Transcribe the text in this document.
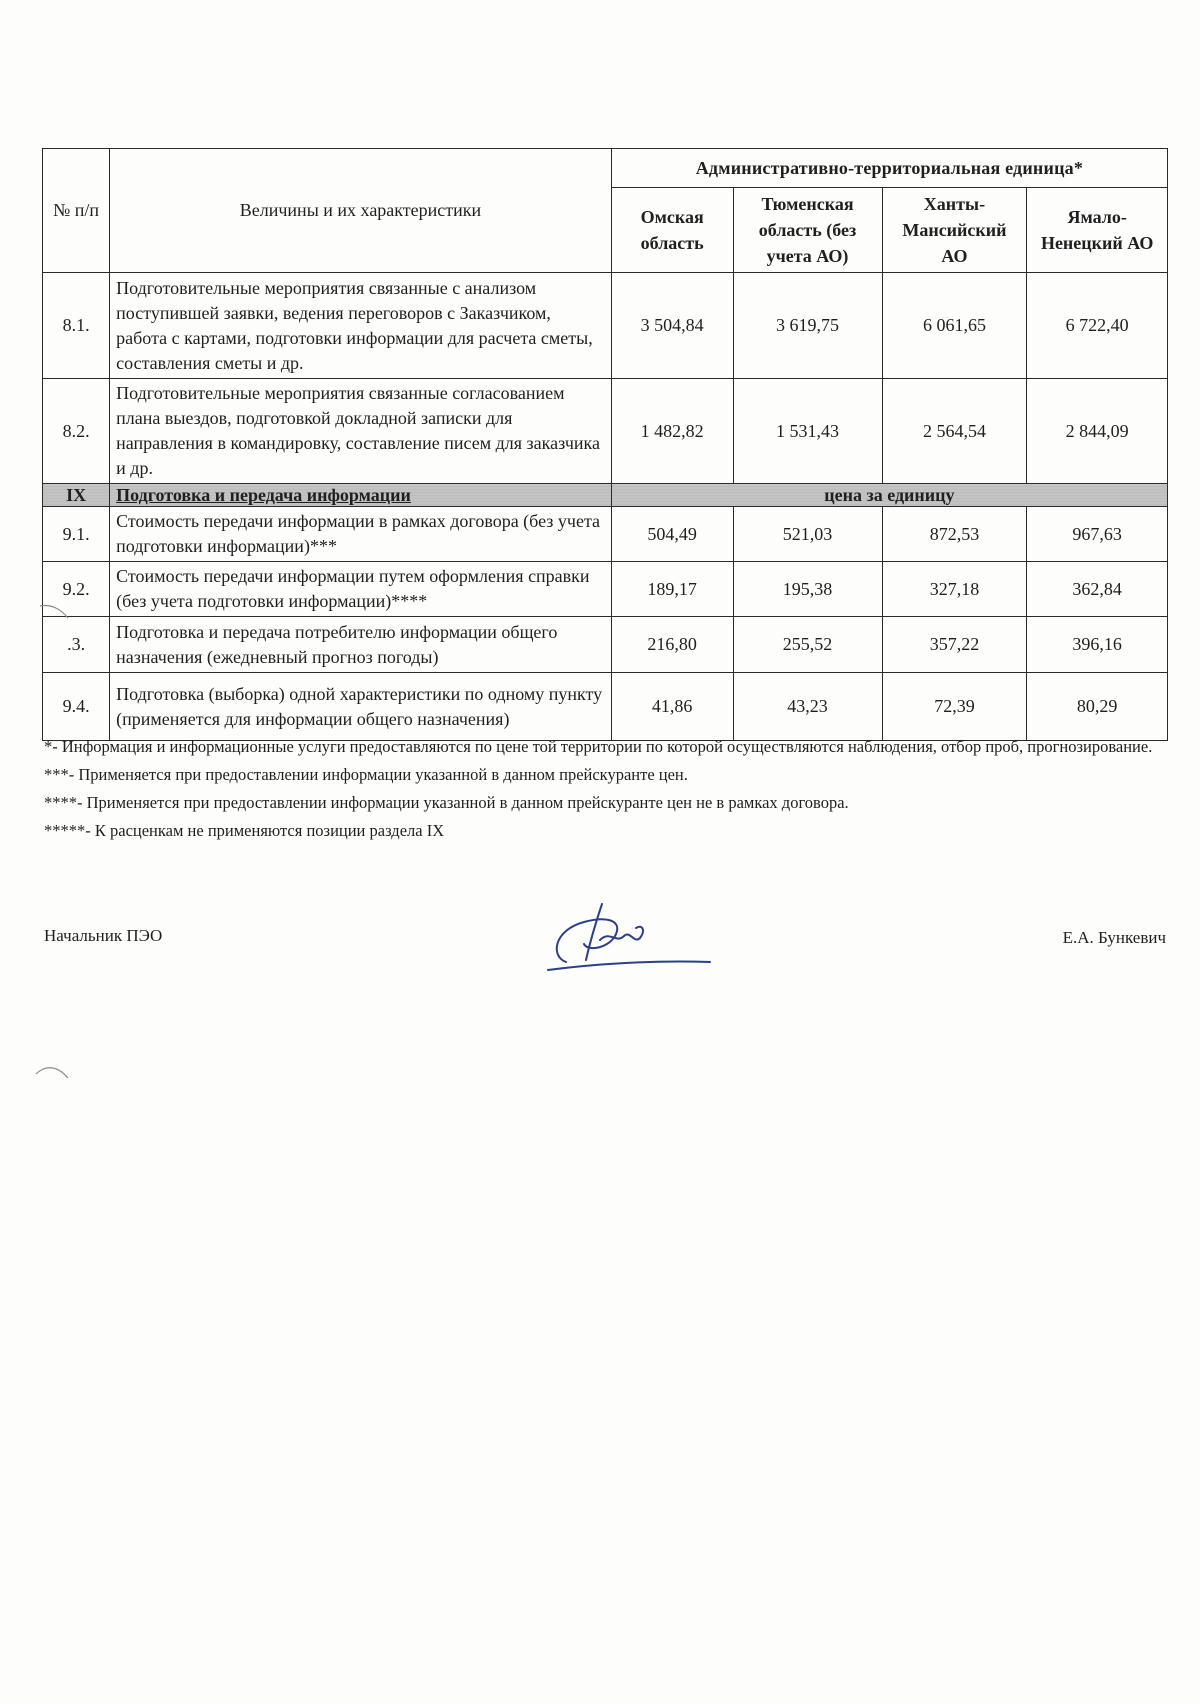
№ п/п	Величины и их характеристики	Административно-территориальная единица*			
		Омская область	Тюменская область (без учета АО)	Ханты-Мансийский АО	Ямало-Ненецкий АО
8.1.	Подготовительные мероприятия связанные с анализом поступившей заявки, ведения переговоров с Заказчиком, работа с картами, подготовки информации для расчета сметы, составления сметы и др.	3 504,84	3 619,75	6 061,65	6 722,40
8.2.	Подготовительные мероприятия связанные согласованием плана выездов, подготовкой докладной записки для направления в командировку, составление писем для заказчика и др.	1 482,82	1 531,43	2 564,54	2 844,09
IX	Подготовка и передача информации	цена за единицу			
9.1.	Стоимость передачи информации в рамках договора (без учета подготовки информации)***	504,49	521,03	872,53	967,63
9.2.	Стоимость передачи информации путем оформления справки (без учета подготовки информации)****	189,17	195,38	327,18	362,84
.3.	Подготовка и передача потребителю информации общего назначения (ежедневный прогноз погоды)	216,80	255,52	357,22	396,16
9.4.	Подготовка (выборка) одной характеристики по одному пункту (применяется для информации общего назначения)	41,86	43,23	72,39	80,29

*- Информация и информационные услуги предоставляются по цене той территории по которой осуществляются наблюдения, отбор проб, прогнозирование.

***- Применяется при предоставлении информации указанной в данном прейскуранте цен.

****- Применяется при предоставлении информации указанной в данном прейскуранте цен не в рамках договора.

*****- К расценкам не применяются позиции раздела IX

Начальник ПЭО	Е.А. Бункевич
